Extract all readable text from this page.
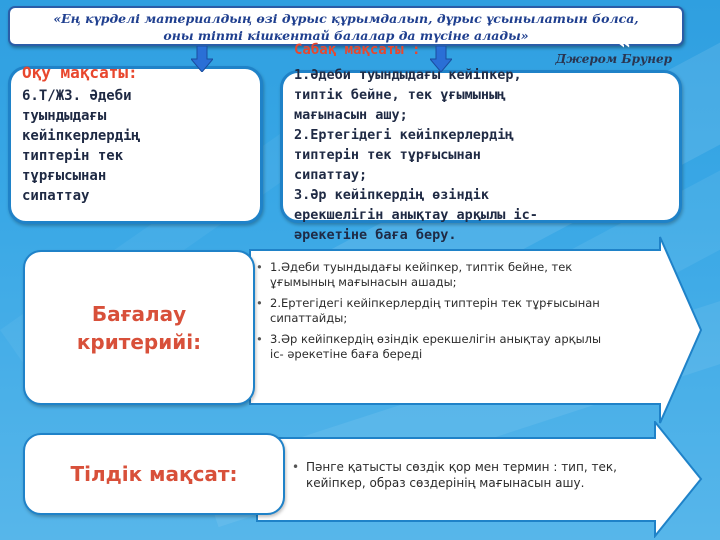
«Ең күрделі материалдың өзі дұрыс құрымдалып, дұрыс ұсынылатын болса,
оны тіпті кішкентай балалар да түсіне алады»	«
Джером Брунер
Оқу мақсаты:

6.Т/Ж3. Әдеби

туындыдағы

кейіпкерлердің

типтерін тек

тұрғысынан

сипаттау

Сабақ мақсаты :

1.Әдеби туындыдағы кейіпкер,

типтік бейне, тек ұғымының

мағынасын ашу;

2.Ертегідегі кейіпкерлердің

типтерін тек тұрғысынан

сипаттау;

3.Әр кейіпкердің өзіндік

ерекшелігін анықтау арқылы іс-

әрекетіне баға беру.

Бағалау
критерийі:
• 1.Әдеби туындыдағы кейіпкер, типтік бейне, тек ұғымының мағынасын ашады;
• 2.Ертегідегі кейіпкерлердің типтерін тек тұрғысынан сипаттайды;
• 3.Әр кейіпкердің өзіндік ерекшелігін анықтау арқылы іс- әрекетіне баға береді
Тілдік мақсат:
•	Пәнге қатысты сөздік қор мен термин : тип, тек, кейіпкер, образ сөздерінің мағынасын ашу.
